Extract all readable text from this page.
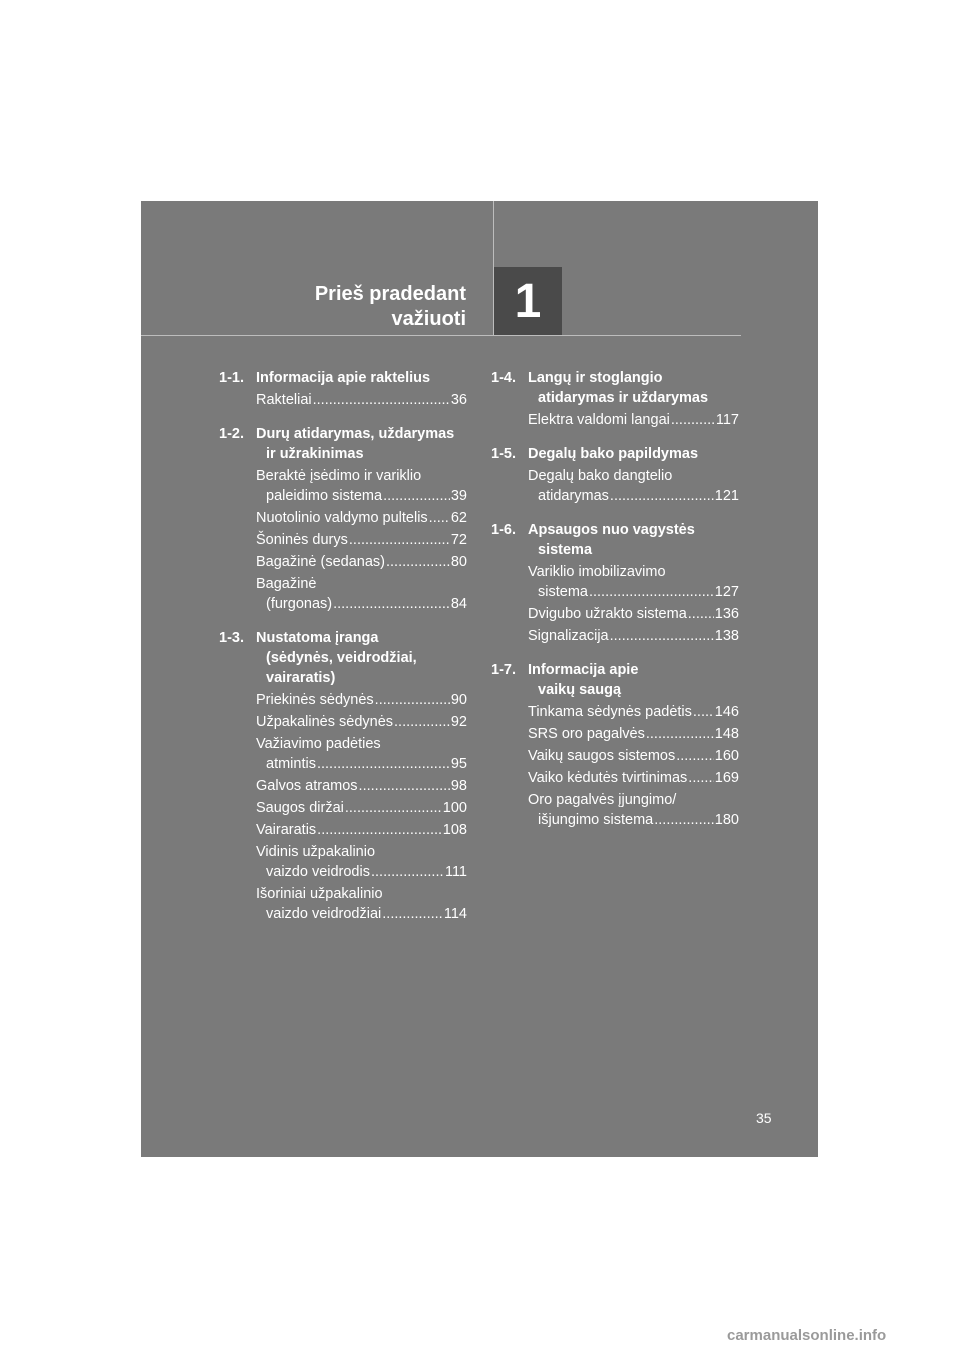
Prieš pradedant
važiuoti 1
1-1. Informacija apie raktelius
Rakteliai .....	36
1-2. Durų atidarymas, uždarymas
ir užrakinimas
Beraktė įsėdimo ir variklio
paleidimo sistema .....	39
Nuotolinio valdymo pultelis ..... 62
Šoninės durys .....	72
Bagažinė (sedanas) .....	80
Bagažinė
(furgonas) .....	84
1-3. Nustatoma įranga
(sėdynės, veidrodžiai,
vairaratis)
Priekinės sėdynės .....	90
Užpakalinės sėdynės .....	92
Važiavimo padėties
atmintis .....	95
Galvos atramos .....	98
Saugos diržai .....	100
Vairaratis .....	108
Vidinis užpakalinio
vaizdo veidrodis .....	111
Išoriniai užpakalinio
vaizdo veidrodžiai .....	114
1-4. Langų ir stoglangio
atidarymas ir uždarymas
Elektra valdomi langai .....	117
1-5. Degalų bako papildymas
Degalų bako dangtelio
atidarymas .....	121
1-6. Apsaugos nuo vagystės
sistema
Variklio imobilizavimo
sistema .....	127
Dvigubo užrakto sistema ..... 136
Signalizacija .....	138
1-7. Informacija apie
vaikų saugą
Tinkama sėdynės padėtis ..... 146
SRS oro pagalvės .....	148
Vaikų saugos sistemos .....	160
Vaiko kėdutės tvirtinimas ..... 169
Oro pagalvės įjungimo/
išjungimo sistema .....	180
35
carmanualsonline.info
